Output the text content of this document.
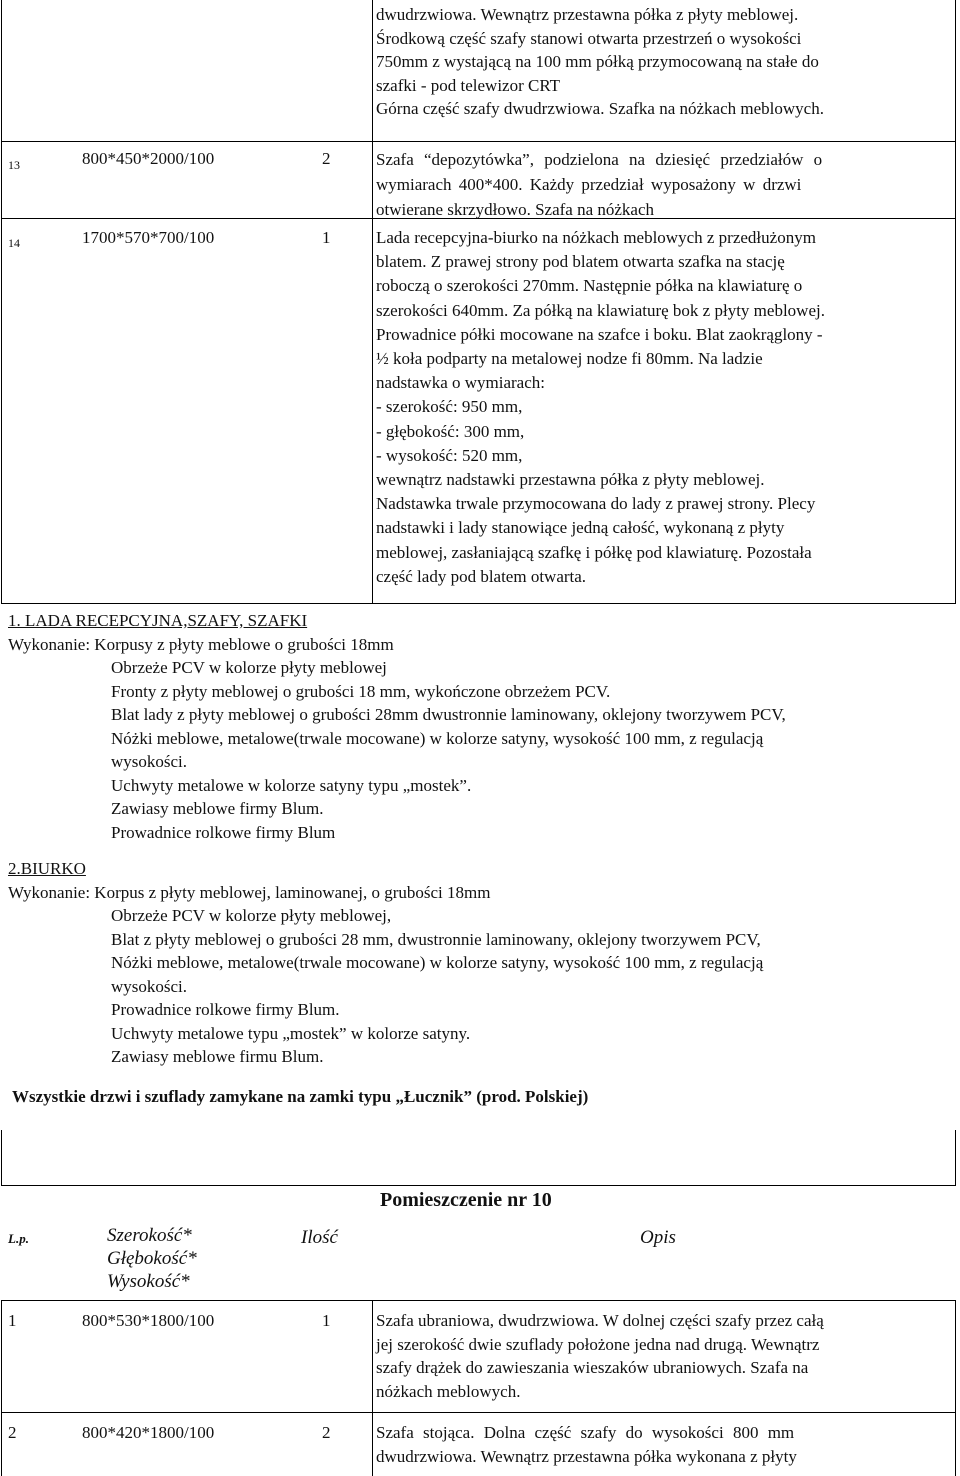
dwudrzwiowa. Wewnątrz przestawna półka z płyty meblowej.

Środkową część szafy stanowi otwarta przestrzeń o wysokości

750mm z wystającą na 100 mm półką przymocowaną na stałe do

szafki - pod telewizor CRT

Górna część szafy dwudrzwiowa. Szafka na nóżkach meblowych.

13	800*450*2000/100	2	Szafa “depozytówka”, podzielona na dziesięć przedziałów o

wymiarach 400*400. Każdy przedział wyposażony w drzwi

otwierane skrzydłowo. Szafa na nóżkach

14	1700*570*700/100	1	Lada recepcyjna-biurko na nóżkach meblowych z przedłużonym

blatem. Z prawej strony pod blatem otwarta szafka na stację

roboczą o szerokości 270mm. Następnie półka na klawiaturę o

szerokości 640mm. Za półką na klawiaturę bok z płyty meblowej.

Prowadnice półki mocowane na szafce i boku. Blat zaokrąglony -

½ koła podparty na metalowej nodze fi 80mm. Na ladzie

nadstawka o wymiarach:

- szerokość: 950 mm,

- głębokość: 300 mm,

- wysokość: 520 mm,

wewnątrz nadstawki przestawna półka z płyty meblowej.

Nadstawka trwale przymocowana do lady z prawej strony. Plecy

nadstawki i lady stanowiące jedną całość, wykonaną z płyty

meblowej, zasłaniającą szafkę i półkę pod klawiaturę. Pozostała

część lady pod blatem otwarta.

1. LADA RECEPCYJNA,SZAFY, SZAFKI
Wykonanie: Korpusy z płyty meblowe o grubości 18mm
Obrzeże PCV w kolorze płyty meblowej
Fronty z płyty meblowej o grubości 18 mm, wykończone obrzeżem PCV.
Blat lady z płyty meblowej o grubości 28mm dwustronnie laminowany, oklejony tworzywem PCV,
Nóżki meblowe, metalowe(trwale mocowane) w kolorze satyny, wysokość 100 mm, z regulacją
wysokości.
Uchwyty metalowe w kolorze satyny typu „mostek”.
Zawiasy meblowe firmy Blum.
Prowadnice rolkowe firmy Blum
2.BIURKO
Wykonanie: Korpus z płyty meblowej, laminowanej, o grubości 18mm
Obrzeże PCV w kolorze płyty meblowej,
Blat z płyty meblowej o grubości 28 mm, dwustronnie laminowany, oklejony tworzywem PCV,
Nóżki meblowe, metalowe(trwale mocowane) w kolorze satyny, wysokość 100 mm, z regulacją
wysokości.
Prowadnice rolkowe firmy Blum.
Uchwyty metalowe typu „mostek” w kolorze satyny.
Zawiasy meblowe firmu Blum.
Wszystkie drzwi i szuflady zamykane na zamki typu „Łucznik” (prod. Polskiej)
Pomieszczenie nr 10
L.p.	Szerokość*
Głębokość*
Wysokość*
Ilość	Opis
1	800*530*1800/100	1	Szafa ubraniowa, dwudrzwiowa. W dolnej części szafy przez całą

jej szerokość dwie szuflady położone jedna nad drugą. Wewnątrz

szafy drążek do zawieszania wieszaków ubraniowych. Szafa na

nóżkach meblowych.

2	800*420*1800/100	2	Szafa stojąca. Dolna część szafy do wysokości 800 mm

dwudrzwiowa. Wewnątrz przestawna półka wykonana z płyty
